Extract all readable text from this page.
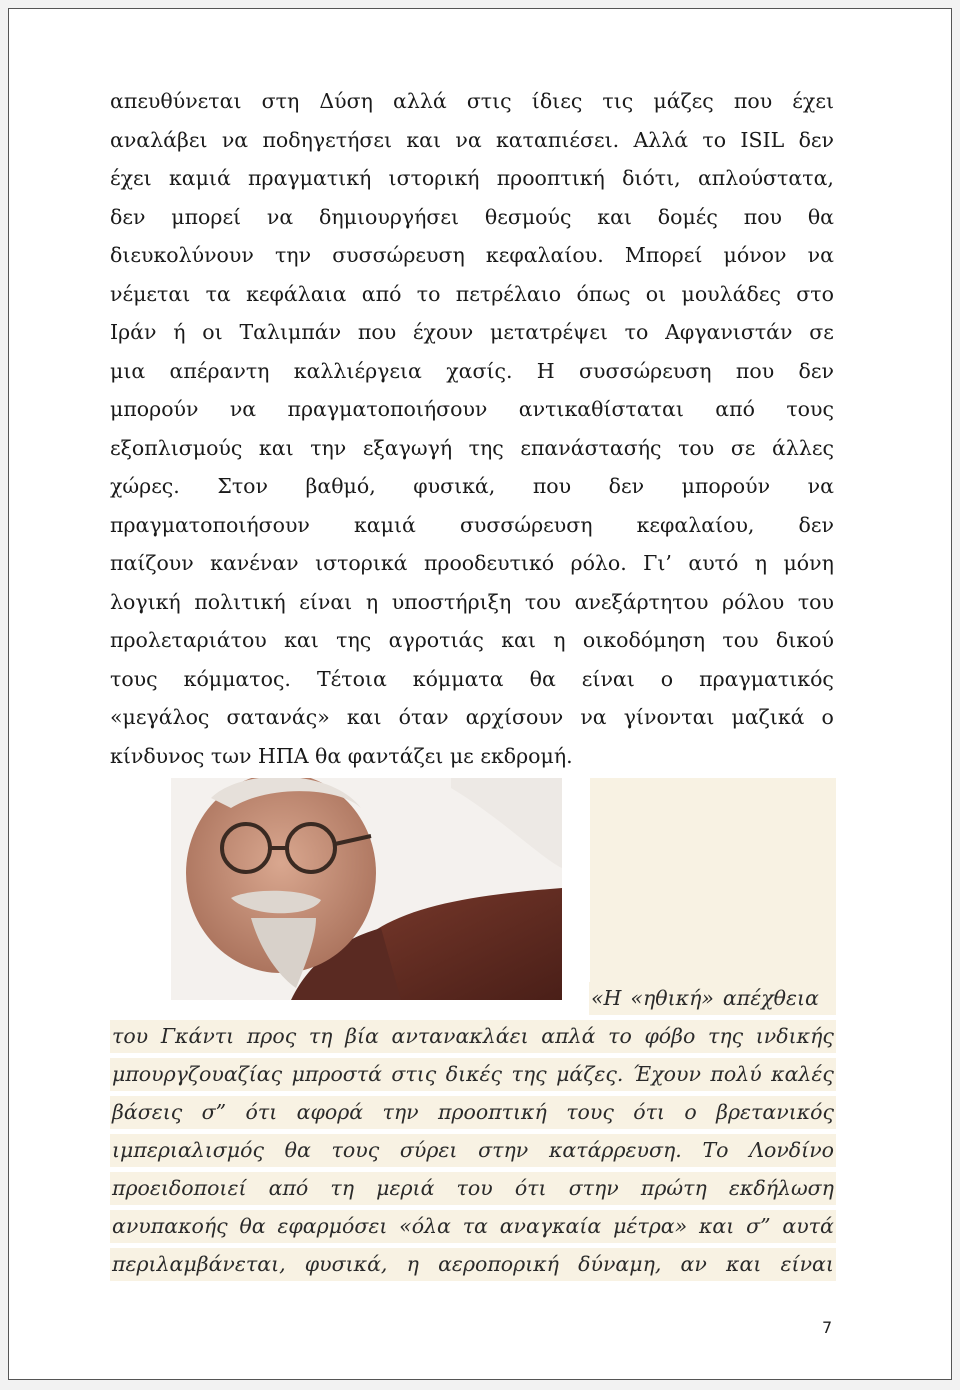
απευθύνεται στη Δύση αλλά στις ίδιες τις μάζες που έχει
αναλάβει να ποδηγετήσει και να καταπιέσει. Αλλά το ISIL δεν
έχει καμιά πραγματική ιστορική προοπτική διότι, απλούστατα,
δεν μπορεί να δημιουργήσει θεσμούς και δομές που θα
διευκολύνουν την συσσώρευση κεφαλαίου. Μπορεί μόνον να
νέμεται τα κεφάλαια από το πετρέλαιο όπως οι μουλάδες στο
Ιράν ή οι Ταλιμπάν που έχουν μετατρέψει το Αφγανιστάν σε
μια απέραντη καλλιέργεια χασίς. Η συσσώρευση που δεν
μπορούν να πραγματοποιήσουν αντικαθίσταται από τους
εξοπλισμούς και την εξαγωγή της επανάστασής του σε άλλες
χώρες. Στον βαθμό, φυσικά, που δεν μπορούν να
πραγματοποιήσουν καμιά συσσώρευση κεφαλαίου, δεν
παίζουν κανέναν ιστορικά προοδευτικό ρόλο. Γι’ αυτό η μόνη
λογική πολιτική είναι η υποστήριξη του ανεξάρτητου ρόλου του
προλεταριάτου και της αγροτιάς και η οικοδόμηση του δικού
τους κόμματος. Τέτοια κόμματα θα είναι ο πραγματικός
«μεγάλος σατανάς» και όταν αρχίσουν να γίνονται μαζικά ο
κίνδυνος των ΗΠΑ θα φαντάζει με εκδρομή.
«Η «ηθική» απέχθεια
του Γκάντι προς τη βία αντανακλάει απλά το φόβο της ινδικής
μπουργζουαζίας μπροστά στις δικές της μάζες. Έχουν πολύ καλές
βάσεις σ” ότι αφορά την προοπτική τους ότι ο βρετανικός
ιμπεριαλισμός θα τους σύρει στην κατάρρευση. Το Λονδίνο
προειδοποιεί από τη μεριά του ότι στην πρώτη εκδήλωση
ανυπακοής θα εφαρμόσει «όλα τα αναγκαία μέτρα» και σ” αυτά
περιλαμβάνεται, φυσικά, η αεροπορική δύναμη, αν και είναι
7
